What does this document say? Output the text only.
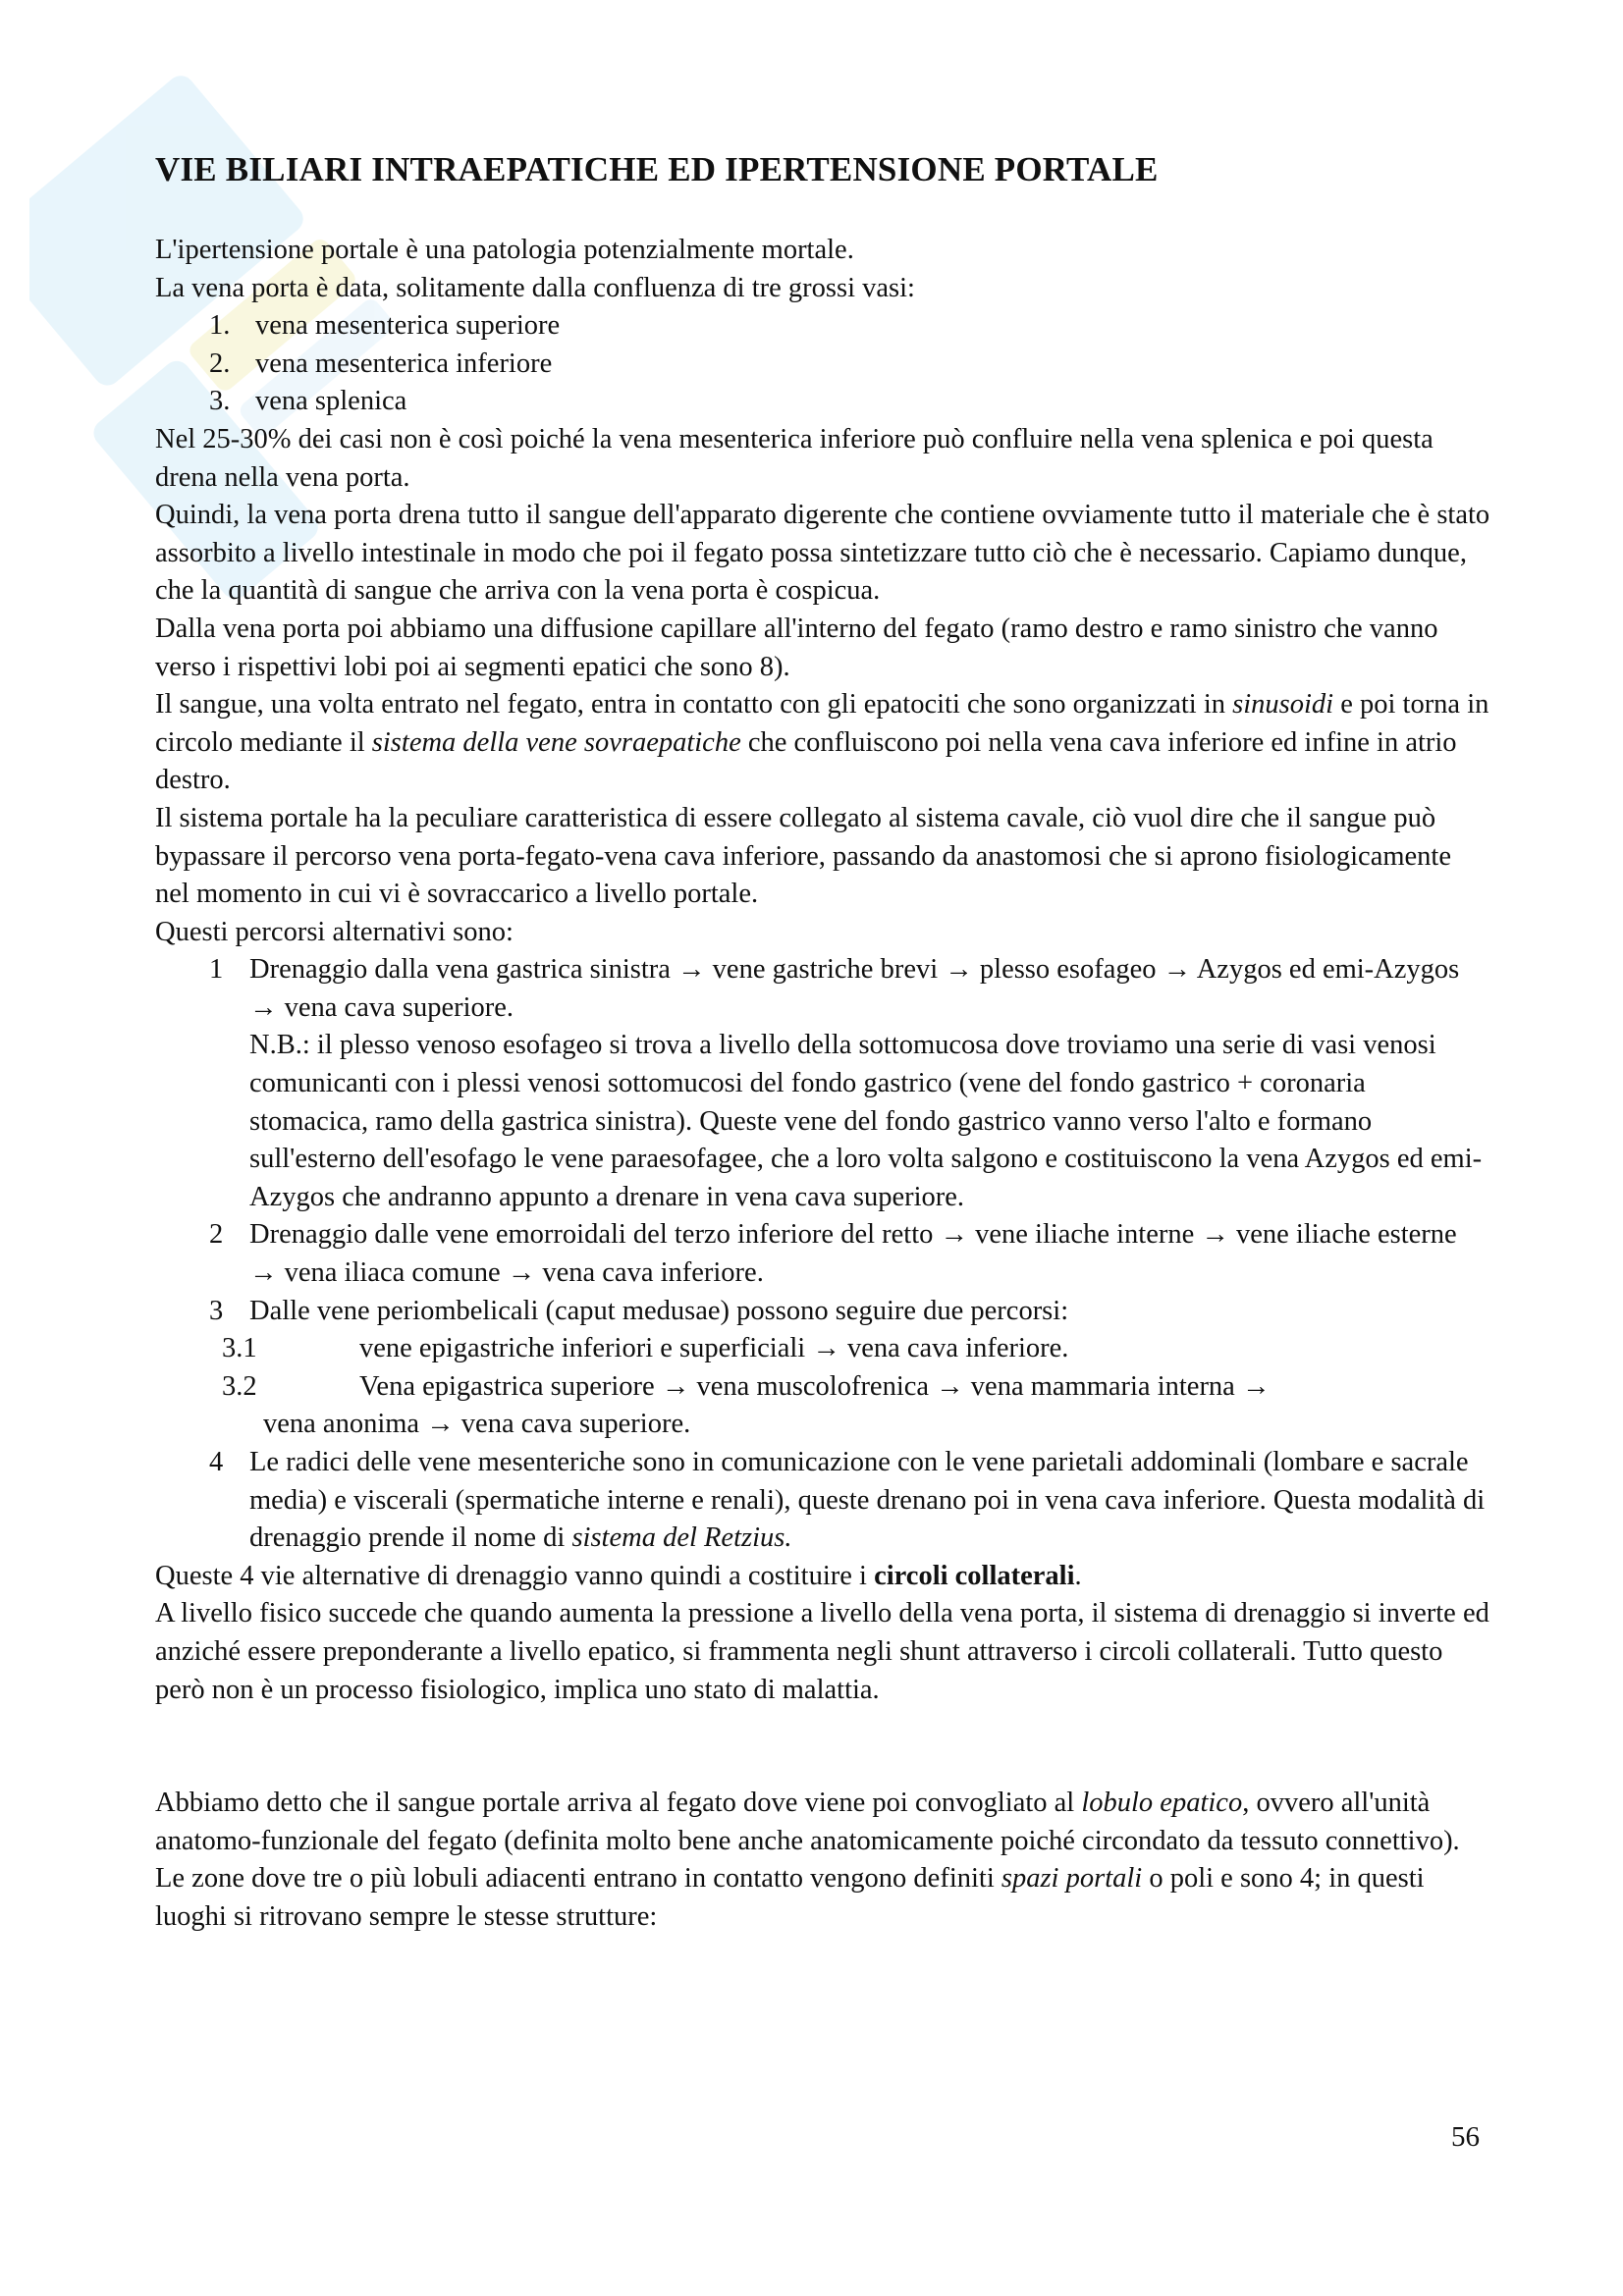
VIE BILIARI INTRAEPATICHE ED IPERTENSIONE PORTALE

L'ipertensione portale è una patologia potenzialmente mortale.

La vena porta è data, solitamente dalla confluenza di tre grossi vasi:

1. vena mesenterica superiore
2. vena mesenterica inferiore
3. vena splenica

Nel 25-30% dei casi non è così poiché la vena mesenterica inferiore può confluire nella vena splenica e poi questa drena nella vena porta.

Quindi, la vena porta drena tutto il sangue dell'apparato digerente che contiene ovviamente tutto il materiale che è stato assorbito a livello intestinale in modo che poi il fegato possa sintetizzare tutto ciò che è necessario. Capiamo dunque, che la quantità di sangue che arriva con la vena porta è cospicua.

Dalla vena porta poi abbiamo una diffusione capillare all'interno del fegato (ramo destro e ramo sinistro che vanno verso i rispettivi lobi poi ai segmenti epatici che sono 8).

Il sangue, una volta entrato nel fegato, entra in contatto con gli epatociti che sono organizzati in sinusoidi e poi torna in circolo mediante il sistema della vene sovraepatiche che confluiscono poi nella vena cava inferiore ed infine in atrio destro.

Il sistema portale ha la peculiare caratteristica di essere collegato al sistema cavale, ciò vuol dire che il sangue può bypassare il percorso vena porta-fegato-vena cava inferiore, passando da anastomosi che si aprono fisiologicamente nel momento in cui vi è sovraccarico a livello portale.

Questi percorsi alternativi sono:

1 Drenaggio dalla vena gastrica sinistra → vene gastriche brevi → plesso esofageo → Azygos ed emi-Azygos → vena cava superiore.
N.B.: il plesso venoso esofageo si trova a livello della sottomucosa dove troviamo una serie di vasi venosi comunicanti con i plessi venosi sottomucosi del fondo gastrico (vene del fondo gastrico + coronaria stomacica, ramo della gastrica sinistra). Queste vene del fondo gastrico vanno verso l'alto e formano sull'esterno dell'esofago le vene paraesofagee, che a loro volta salgono e costituiscono la vena Azygos ed emi-Azygos che andranno appunto a drenare in vena cava superiore.
2 Drenaggio dalle vene emorroidali del terzo inferiore del retto → vene iliache interne → vene iliache esterne → vena iliaca comune → vena cava inferiore.
3 Dalle vene periombelicali (caput medusae) possono seguire due percorsi:
3.1	vene epigastriche inferiori e superficiali → vena cava inferiore.
3.2	Vena epigastrica superiore → vena muscolofrenica → vena mammaria interna →
vena anonima → vena cava superiore.
4 Le radici delle vene mesenteriche sono in comunicazione con le vene parietali addominali (lombare e sacrale media) e viscerali (spermatiche interne e renali), queste drenano poi in vena cava inferiore. Questa modalità di drenaggio prende il nome di sistema del Retzius.

Queste 4 vie alternative di drenaggio vanno quindi a costituire i circoli collaterali.

A livello fisico succede che quando aumenta la pressione a livello della vena porta, il sistema di drenaggio si inverte ed anziché essere preponderante a livello epatico, si frammenta negli shunt attraverso i circoli collaterali. Tutto questo però non è un processo fisiologico, implica uno stato di malattia.

Abbiamo detto che il sangue portale arriva al fegato dove viene poi convogliato al lobulo epatico, ovvero all'unità anatomo-funzionale del fegato (definita molto bene anche anatomicamente poiché circondato da tessuto connettivo). Le zone dove tre o più lobuli adiacenti entrano in contatto vengono definiti spazi portali o poli e sono 4; in questi luoghi si ritrovano sempre le stesse strutture:

56
